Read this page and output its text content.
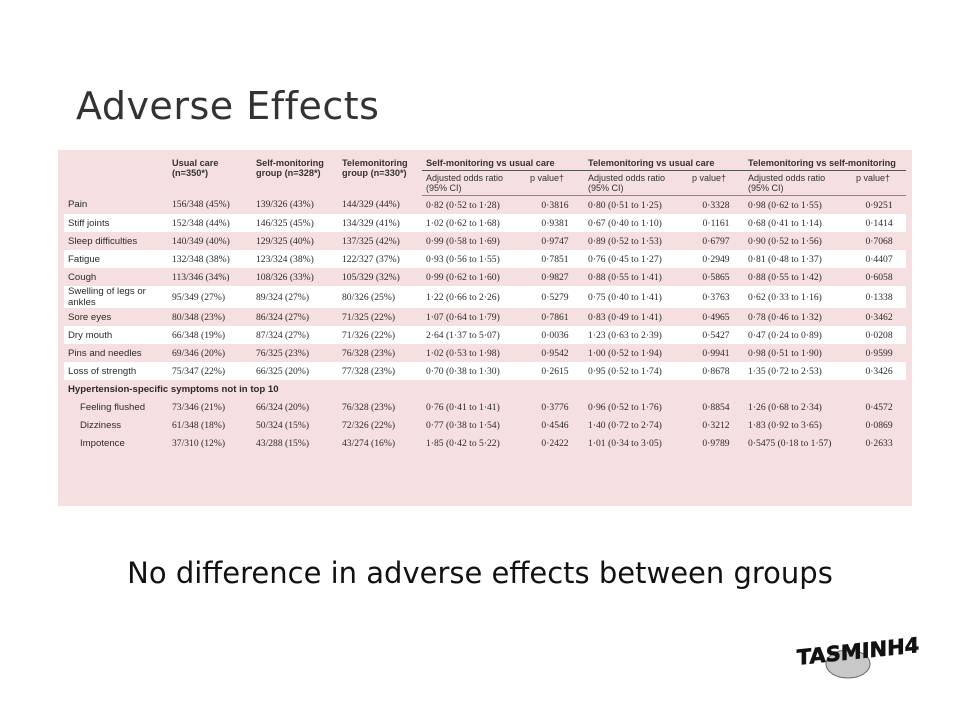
Adverse Effects
	Usual care (n=350*)	Self-monitoring group (n=328*)	Telemonitoring group (n=330*)	Self-monitoring vs usual care		Telemonitoring vs usual care		Telemonitoring vs self-monitoring	
				Adjusted odds ratio (95% CI)	p value†	Adjusted odds ratio (95% CI)	p value†	Adjusted odds ratio (95% CI)	p value†
Pain	156/348 (45%)	139/326 (43%)	144/329 (44%)	0·82 (0·52 to 1·28)	0·3816	0·80 (0·51 to 1·25)	0·3328	0·98 (0·62 to 1·55)	0·9251
Stiff joints	152/348 (44%)	146/325 (45%)	134/329 (41%)	1·02 (0·62 to 1·68)	0·9381	0·67 (0·40 to 1·10)	0·1161	0·68 (0·41 to 1·14)	0·1414
Sleep difficulties	140/349 (40%)	129/325 (40%)	137/325 (42%)	0·99 (0·58 to 1·69)	0·9747	0·89 (0·52 to 1·53)	0·6797	0·90 (0·52 to 1·56)	0·7068
Fatigue	132/348 (38%)	123/324 (38%)	122/327 (37%)	0·93 (0·56 to 1·55)	0·7851	0·76 (0·45 to 1·27)	0·2949	0·81 (0·48 to 1·37)	0·4407
Cough	113/346 (34%)	108/326 (33%)	105/329 (32%)	0·99 (0·62 to 1·60)	0·9827	0·88 (0·55 to 1·41)	0·5865	0·88 (0·55 to 1·42)	0·6058
Swelling of legs or ankles	95/349 (27%)	89/324 (27%)	80/326 (25%)	1·22 (0·66 to 2·26)	0·5279	0·75 (0·40 to 1·41)	0·3763	0·62 (0·33 to 1·16)	0·1338
Sore eyes	80/348 (23%)	86/324 (27%)	71/325 (22%)	1·07 (0·64 to 1·79)	0·7861	0·83 (0·49 to 1·41)	0·4965	0·78 (0·46 to 1·32)	0·3462
Dry mouth	66/348 (19%)	87/324 (27%)	71/326 (22%)	2·64 (1·37 to 5·07)	0·0036	1·23 (0·63 to 2·39)	0·5427	0·47 (0·24 to 0·89)	0·0208
Pins and needles	69/346 (20%)	76/325 (23%)	76/328 (23%)	1·02 (0·53 to 1·98)	0·9542	1·00 (0·52 to 1·94)	0·9941	0·98 (0·51 to 1·90)	0·9599
Loss of strength	75/347 (22%)	66/325 (20%)	77/328 (23%)	0·70 (0·38 to 1·30)	0·2615	0·95 (0·52 to 1·74)	0·8678	1·35 (0·72 to 2·53)	0·3426
Hypertension-specific symptoms not in top 10									
Feeling flushed	73/346 (21%)	66/324 (20%)	76/328 (23%)	0·76 (0·41 to 1·41)	0·3776	0·96 (0·52 to 1·76)	0·8854	1·26 (0·68 to 2·34)	0·4572
Dizziness	61/348 (18%)	50/324 (15%)	72/326 (22%)	0·77 (0·38 to 1·54)	0·4546	1·40 (0·72 to 2·74)	0·3212	1·83 (0·92 to 3·65)	0·0869
Impotence	37/310 (12%)	43/288 (15%)	43/274 (16%)	1·85 (0·42 to 5·22)	0·2422	1·01 (0·34 to 3·05)	0·9789	0·5475 (0·18 to 1·57)	0·2633

No difference in adverse effects between groups

TASMINH4
